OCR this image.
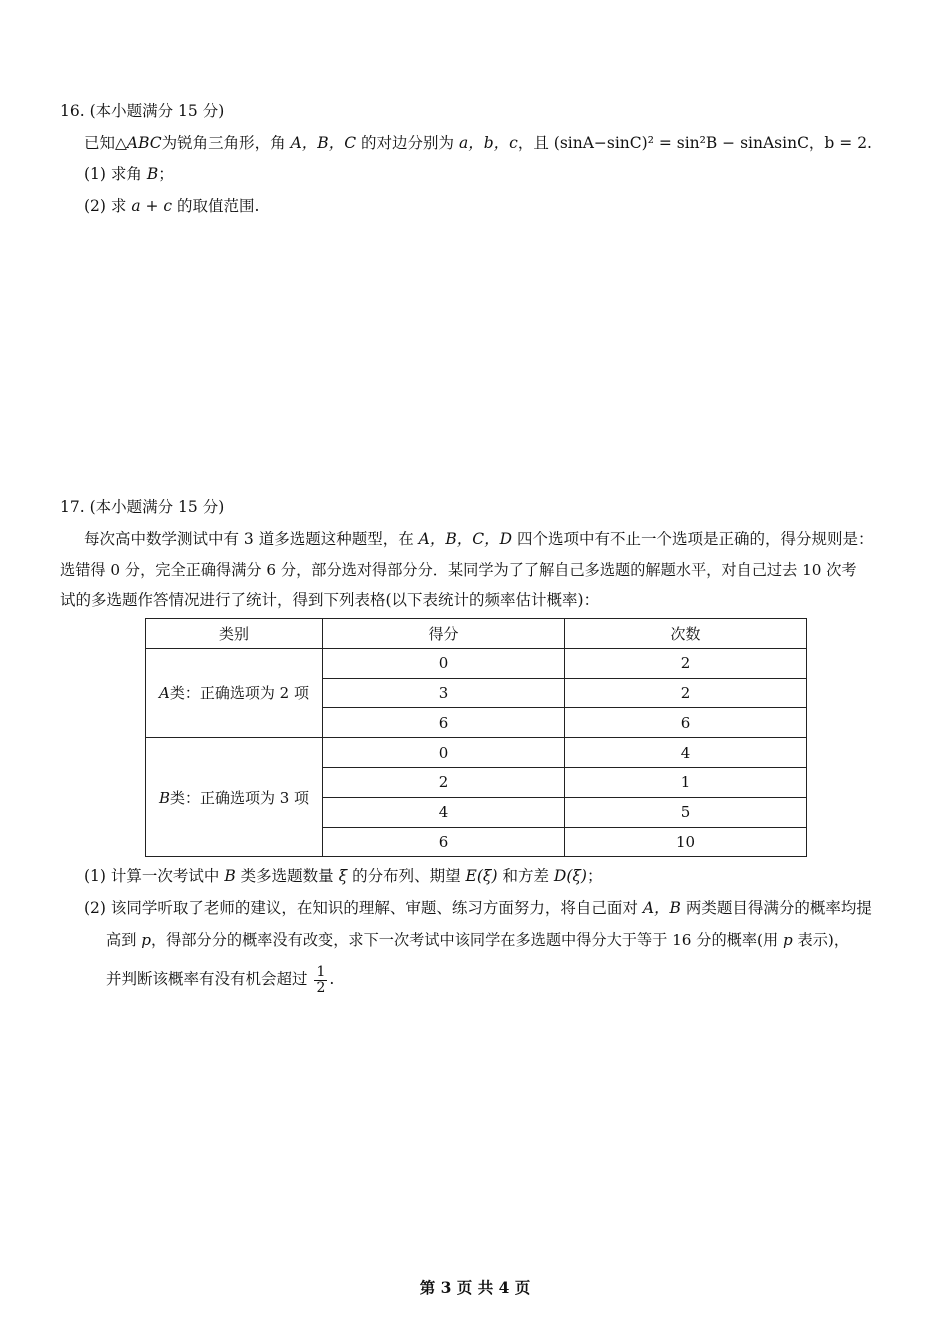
16. (本小题满分 15 分)
已知△ABC为锐角三角形，角 A，B，C 的对边分别为 a，b，c，且 (sinA−sinC)² = sin²B − sinAsinC，b = 2.
(1) 求角 B；
(2) 求 a + c 的取值范围.
17. (本小题满分 15 分)
每次高中数学测试中有 3 道多选题这种题型，在 A，B，C，D 四个选项中有不止一个选项是正确的，得分规则是：
选错得 0 分，完全正确得满分 6 分，部分选对得部分分．某同学为了了解自己多选题的解题水平，对自己过去 10 次考
试的多选题作答情况进行了统计，得到下列表格(以下表统计的频率估计概率)：
类别	得分	次数
A类：正确选项为 2 项	0	2
	3	2
	6	6
B类：正确选项为 3 项	0	4
	2	1
	4	5
	6	10
(1) 计算一次考试中 B 类多选题数量 ξ 的分布列、期望 E(ξ) 和方差 D(ξ)；
(2) 该同学听取了老师的建议，在知识的理解、审题、练习方面努力，将自己面对 A，B 两类题目得满分的概率均提
高到 p，得部分分的概率没有改变，求下一次考试中该同学在多选题中得分大于等于 16 分的概率(用 p 表示)，
并判断该概率有没有机会超过 $\frac{1}{2}$ .
第 3 页 共 4 页
